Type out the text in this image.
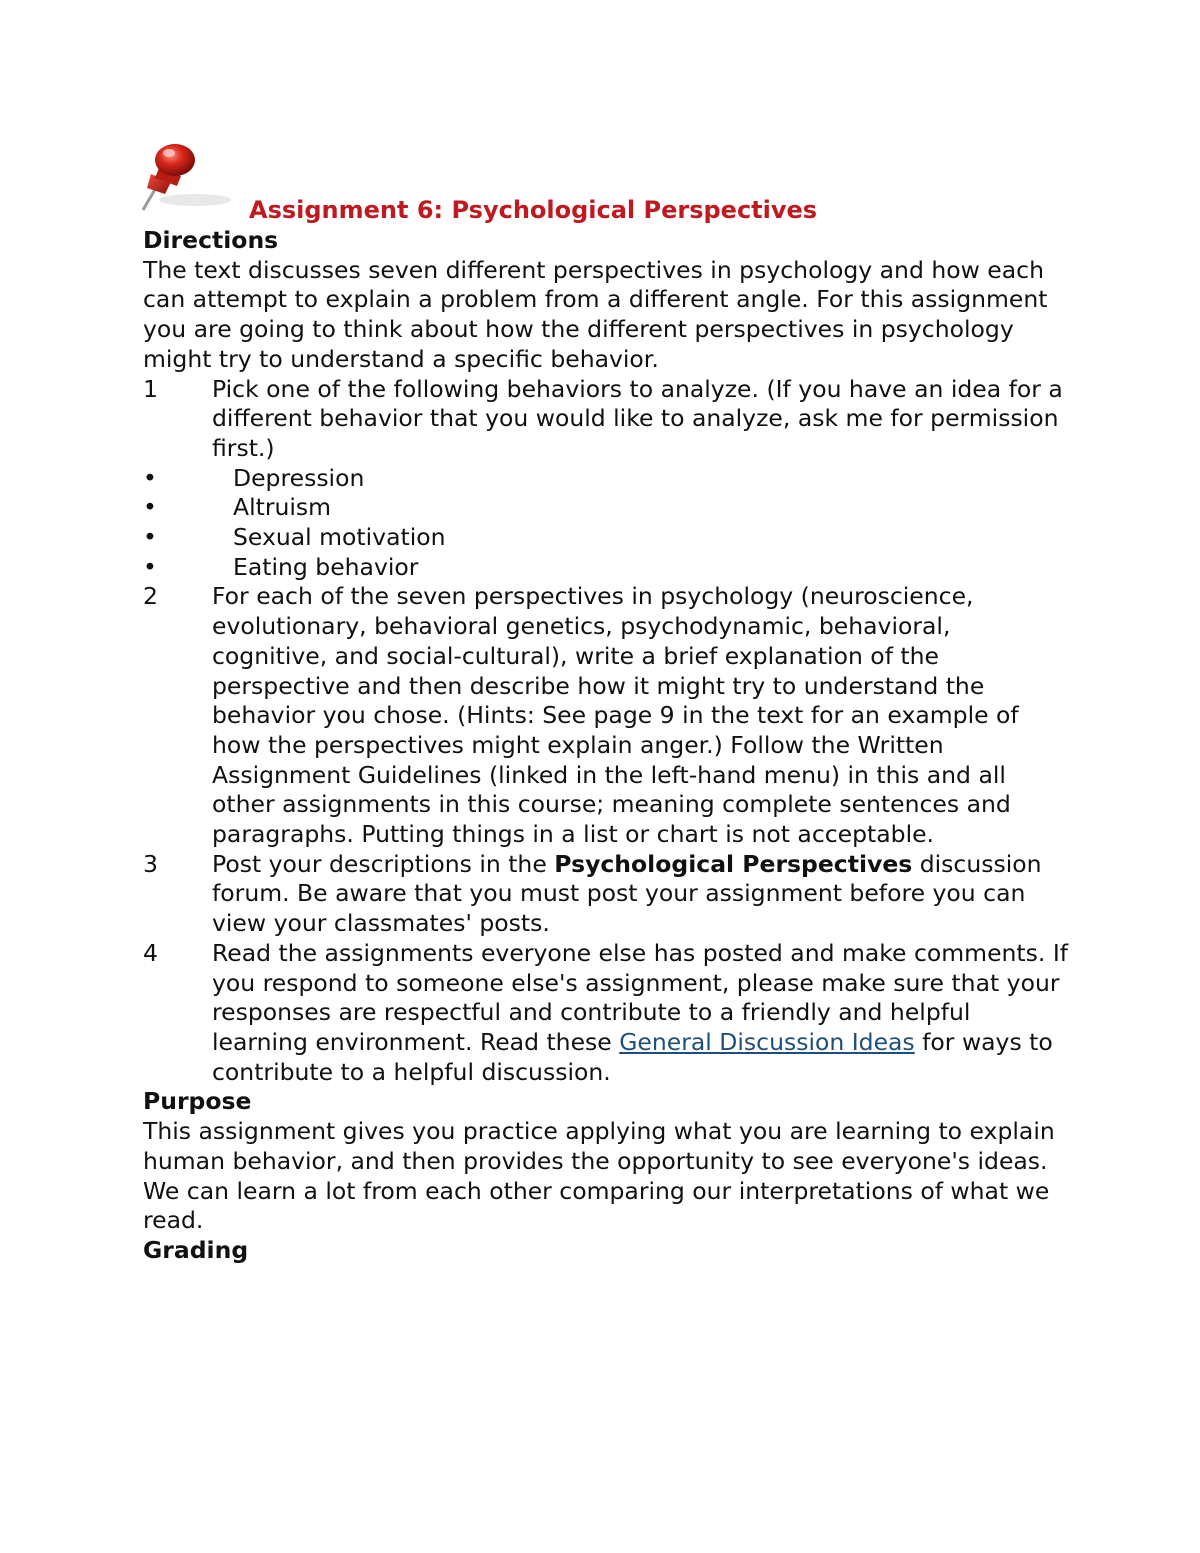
Assignment 6: Psychological Perspectives

Directions

The text discusses seven different perspectives in psychology and how each can attempt to explain a problem from a different angle. For this assignment you are going to think about how the different perspectives in psychology might try to understand a specific behavior.

1 Pick one of the following behaviors to analyze. (If you have an idea for a different behavior that you would like to analyze, ask me for permission first.)
•	Depression
•	Altruism
•	Sexual motivation
•	Eating behavior
2 For each of the seven perspectives in psychology (neuroscience, evolutionary, behavioral genetics, psychodynamic, behavioral, cognitive, and social-cultural), write a brief explanation of the perspective and then describe how it might try to understand the behavior you chose. (Hints: See page 9 in the text for an example of how the perspectives might explain anger.) Follow the Written Assignment Guidelines (linked in the left-hand menu) in this and all other assignments in this course; meaning complete sentences and paragraphs. Putting things in a list or chart is not acceptable.
3 Post your descriptions in the Psychological Perspectives discussion forum. Be aware that you must post your assignment before you can view your classmates' posts.
4 Read the assignments everyone else has posted and make comments. If you respond to someone else's assignment, please make sure that your responses are respectful and contribute to a friendly and helpful learning environment. Read these General Discussion Ideas for ways to contribute to a helpful discussion.

Purpose

This assignment gives you practice applying what you are learning to explain human behavior, and then provides the opportunity to see everyone's ideas. We can learn a lot from each other comparing our interpretations of what we read.

Grading
